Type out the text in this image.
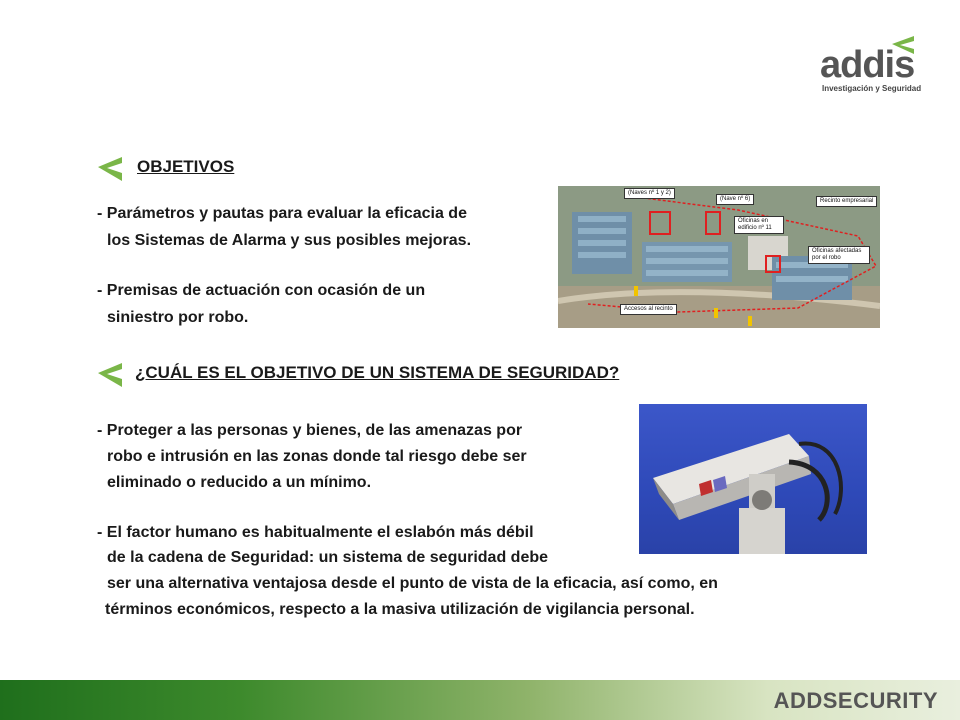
addis
Investigación y Seguridad
OBJETIVOS
- Parámetros y pautas para evaluar la eficacia de
los Sistemas de Alarma y sus posibles mejoras.
- Premisas de actuación con ocasión de un
siniestro por robo.
(Naves nº 1 y 2)
(Nave nº 6)	Recinto empresarial
Oficinas en edificio nº 11
Oficinas afectadas por el robo
Accesos al recinto
¿CUÁL ES EL OBJETIVO DE UN SISTEMA DE SEGURIDAD?
- Proteger a las personas y bienes, de las amenazas por
robo e intrusión en las zonas donde tal riesgo debe ser
eliminado o reducido a un mínimo.
- El factor humano es habitualmente el eslabón más débil
de la cadena de Seguridad: un sistema de seguridad debe
ser una alternativa ventajosa desde el punto de vista de la eficacia, así como, en
términos económicos, respecto a la masiva utilización de vigilancia personal.
ADDSECURITY
